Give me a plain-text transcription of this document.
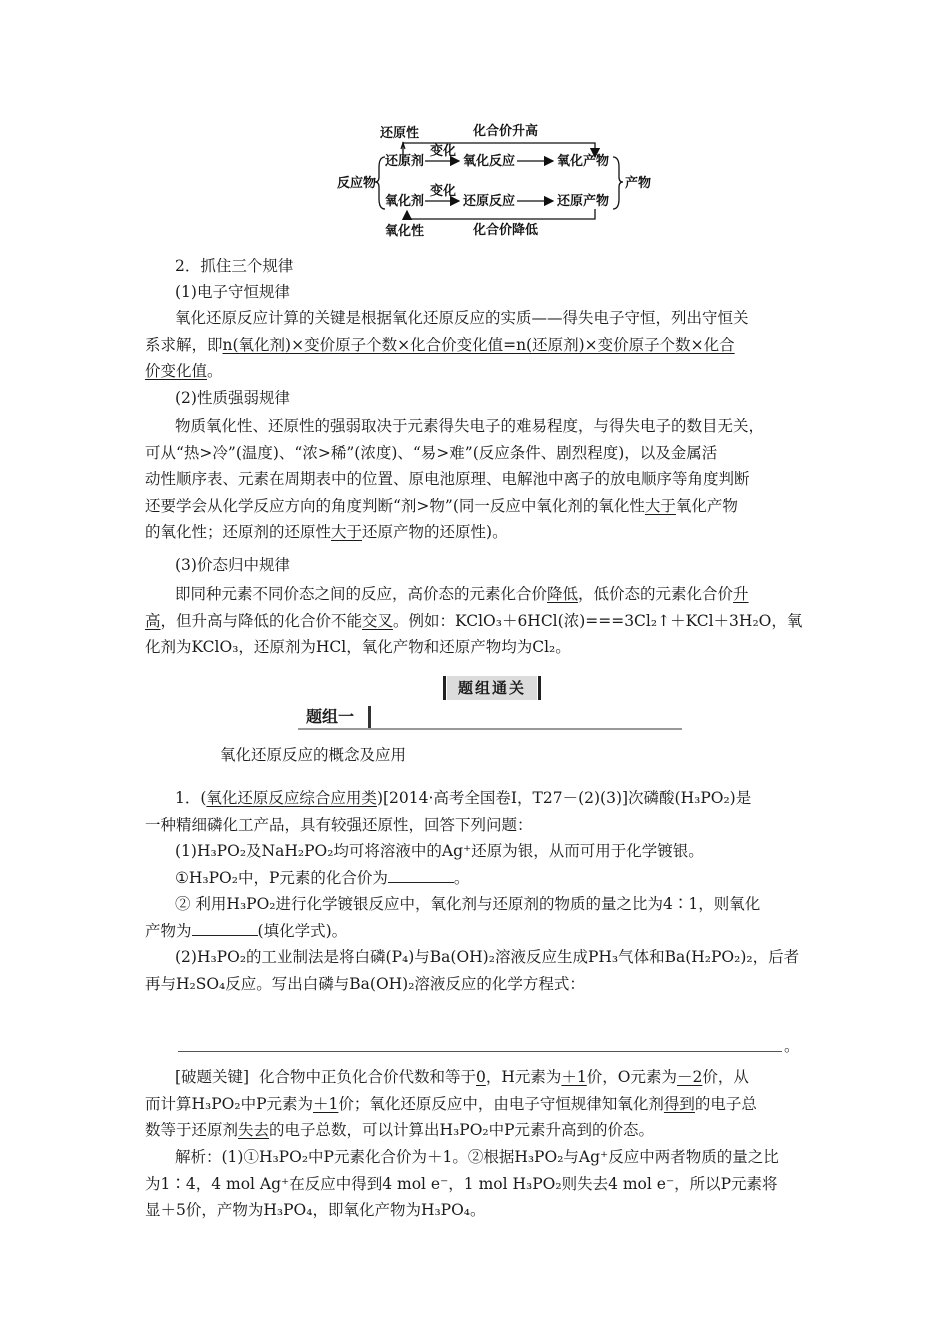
还原性	化合价升高
反应物
还原剂
氧化剂
变化
变化
氧化反应
还原反应
氧化产物
还原产物
产物
氧化性	化合价降低
2．抓住三个规律
(1)电子守恒规律
氧化还原反应计算的关键是根据氧化还原反应的实质——得失电子守恒，列出守恒关
系求解，即n(氧化剂)×变价原子个数×化合价变化值=n(还原剂)×变价原子个数×化合
价变化值。
(2)性质强弱规律
物质氧化性、还原性的强弱取决于元素得失电子的难易程度，与得失电子的数目无关，
可从“热>冷”(温度)、“浓>稀”(浓度)、“易>难”(反应条件、剧烈程度)，以及金属活
动性顺序表、元素在周期表中的位置、原电池原理、电解池中离子的放电顺序等角度判断
还要学会从化学反应方向的角度判断“剂>物”(同一反应中氧化剂的氧化性大于氧化产物
的氧化性；还原剂的还原性大于还原产物的还原性)。
(3)价态归中规律
即同种元素不同价态之间的反应，高价态的元素化合价降低，低价态的元素化合价升
高，但升高与降低的化合价不能交叉。例如：KClO₃＋6HCl(浓)===3Cl₂↑＋KCl＋3H₂O，氧
化剂为KClO₃，还原剂为HCl，氧化产物和还原产物均为Cl₂。
题组通关
题组一
氧化还原反应的概念及应用
1．(氧化还原反应综合应用类)[2014·高考全国卷Ⅰ，T27－(2)(3)]次磷酸(H₃PO₂)是
一种精细磷化工产品，具有较强还原性，回答下列问题：
(1)H₃PO₂及NaH₂PO₂均可将溶液中的Ag⁺还原为银，从而可用于化学镀银。
①H₃PO₂中，P元素的化合价为	。
② 利用H₃PO₂进行化学镀银反应中，氧化剂与还原剂的物质的量之比为4∶1，则氧化
产物为	(填化学式)。
(2)H₃PO₂的工业制法是将白磷(P₄)与Ba(OH)₂溶液反应生成PH₃气体和Ba(H₂PO₂)₂，后者
再与H₂SO₄反应。写出白磷与Ba(OH)₂溶液反应的化学方程式：
。
[破题关键] 化合物中正负化合价代数和等于0，H元素为＋1价，O元素为－2价，从
而计算H₃PO₂中P元素为＋1价；氧化还原反应中，由电子守恒规律知氧化剂得到的电子总
数等于还原剂失去的电子总数，可以计算出H₃PO₂中P元素升高到的价态。
解析：(1)①H₃PO₂中P元素化合价为＋1。②根据H₃PO₂与Ag⁺反应中两者物质的量之比
为1∶4，4 mol Ag⁺在反应中得到4 mol e⁻，1 mol H₃PO₂则失去4 mol e⁻，所以P元素将
显＋5价，产物为H₃PO₄，即氧化产物为H₃PO₄。
